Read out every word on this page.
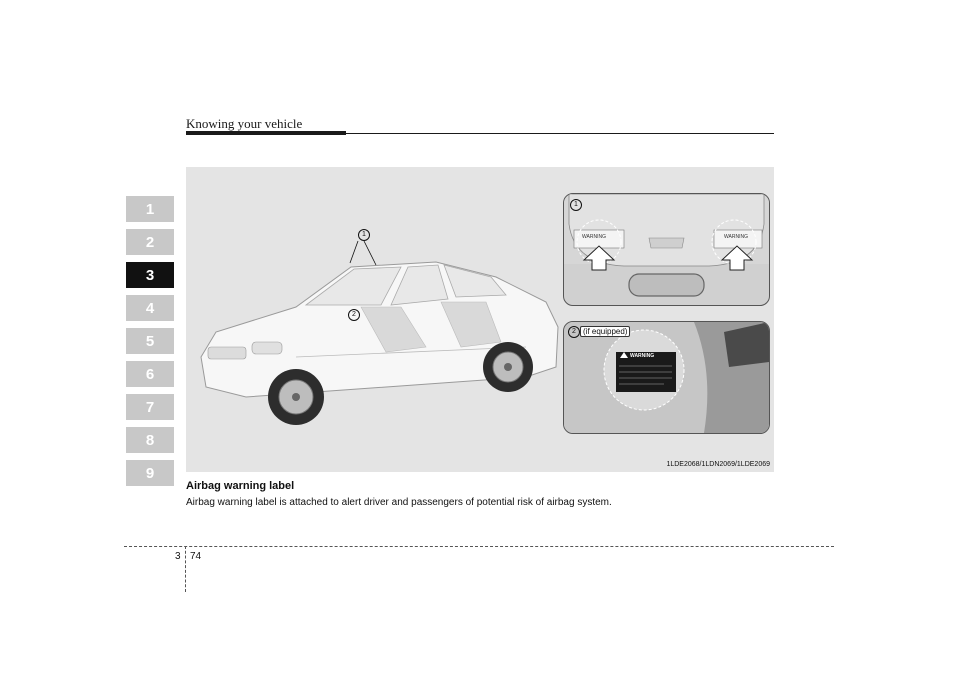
Knowing your vehicle
1
2
3
4
5
6
7
8
9
1
2
WARNING	WARNING
1
WARNING
2 (if equipped)
1LDE2068/1LDN2069/1LDE2069
Airbag warning label
Airbag warning label is attached to alert driver and passengers of potential risk of airbag system.
3 74
